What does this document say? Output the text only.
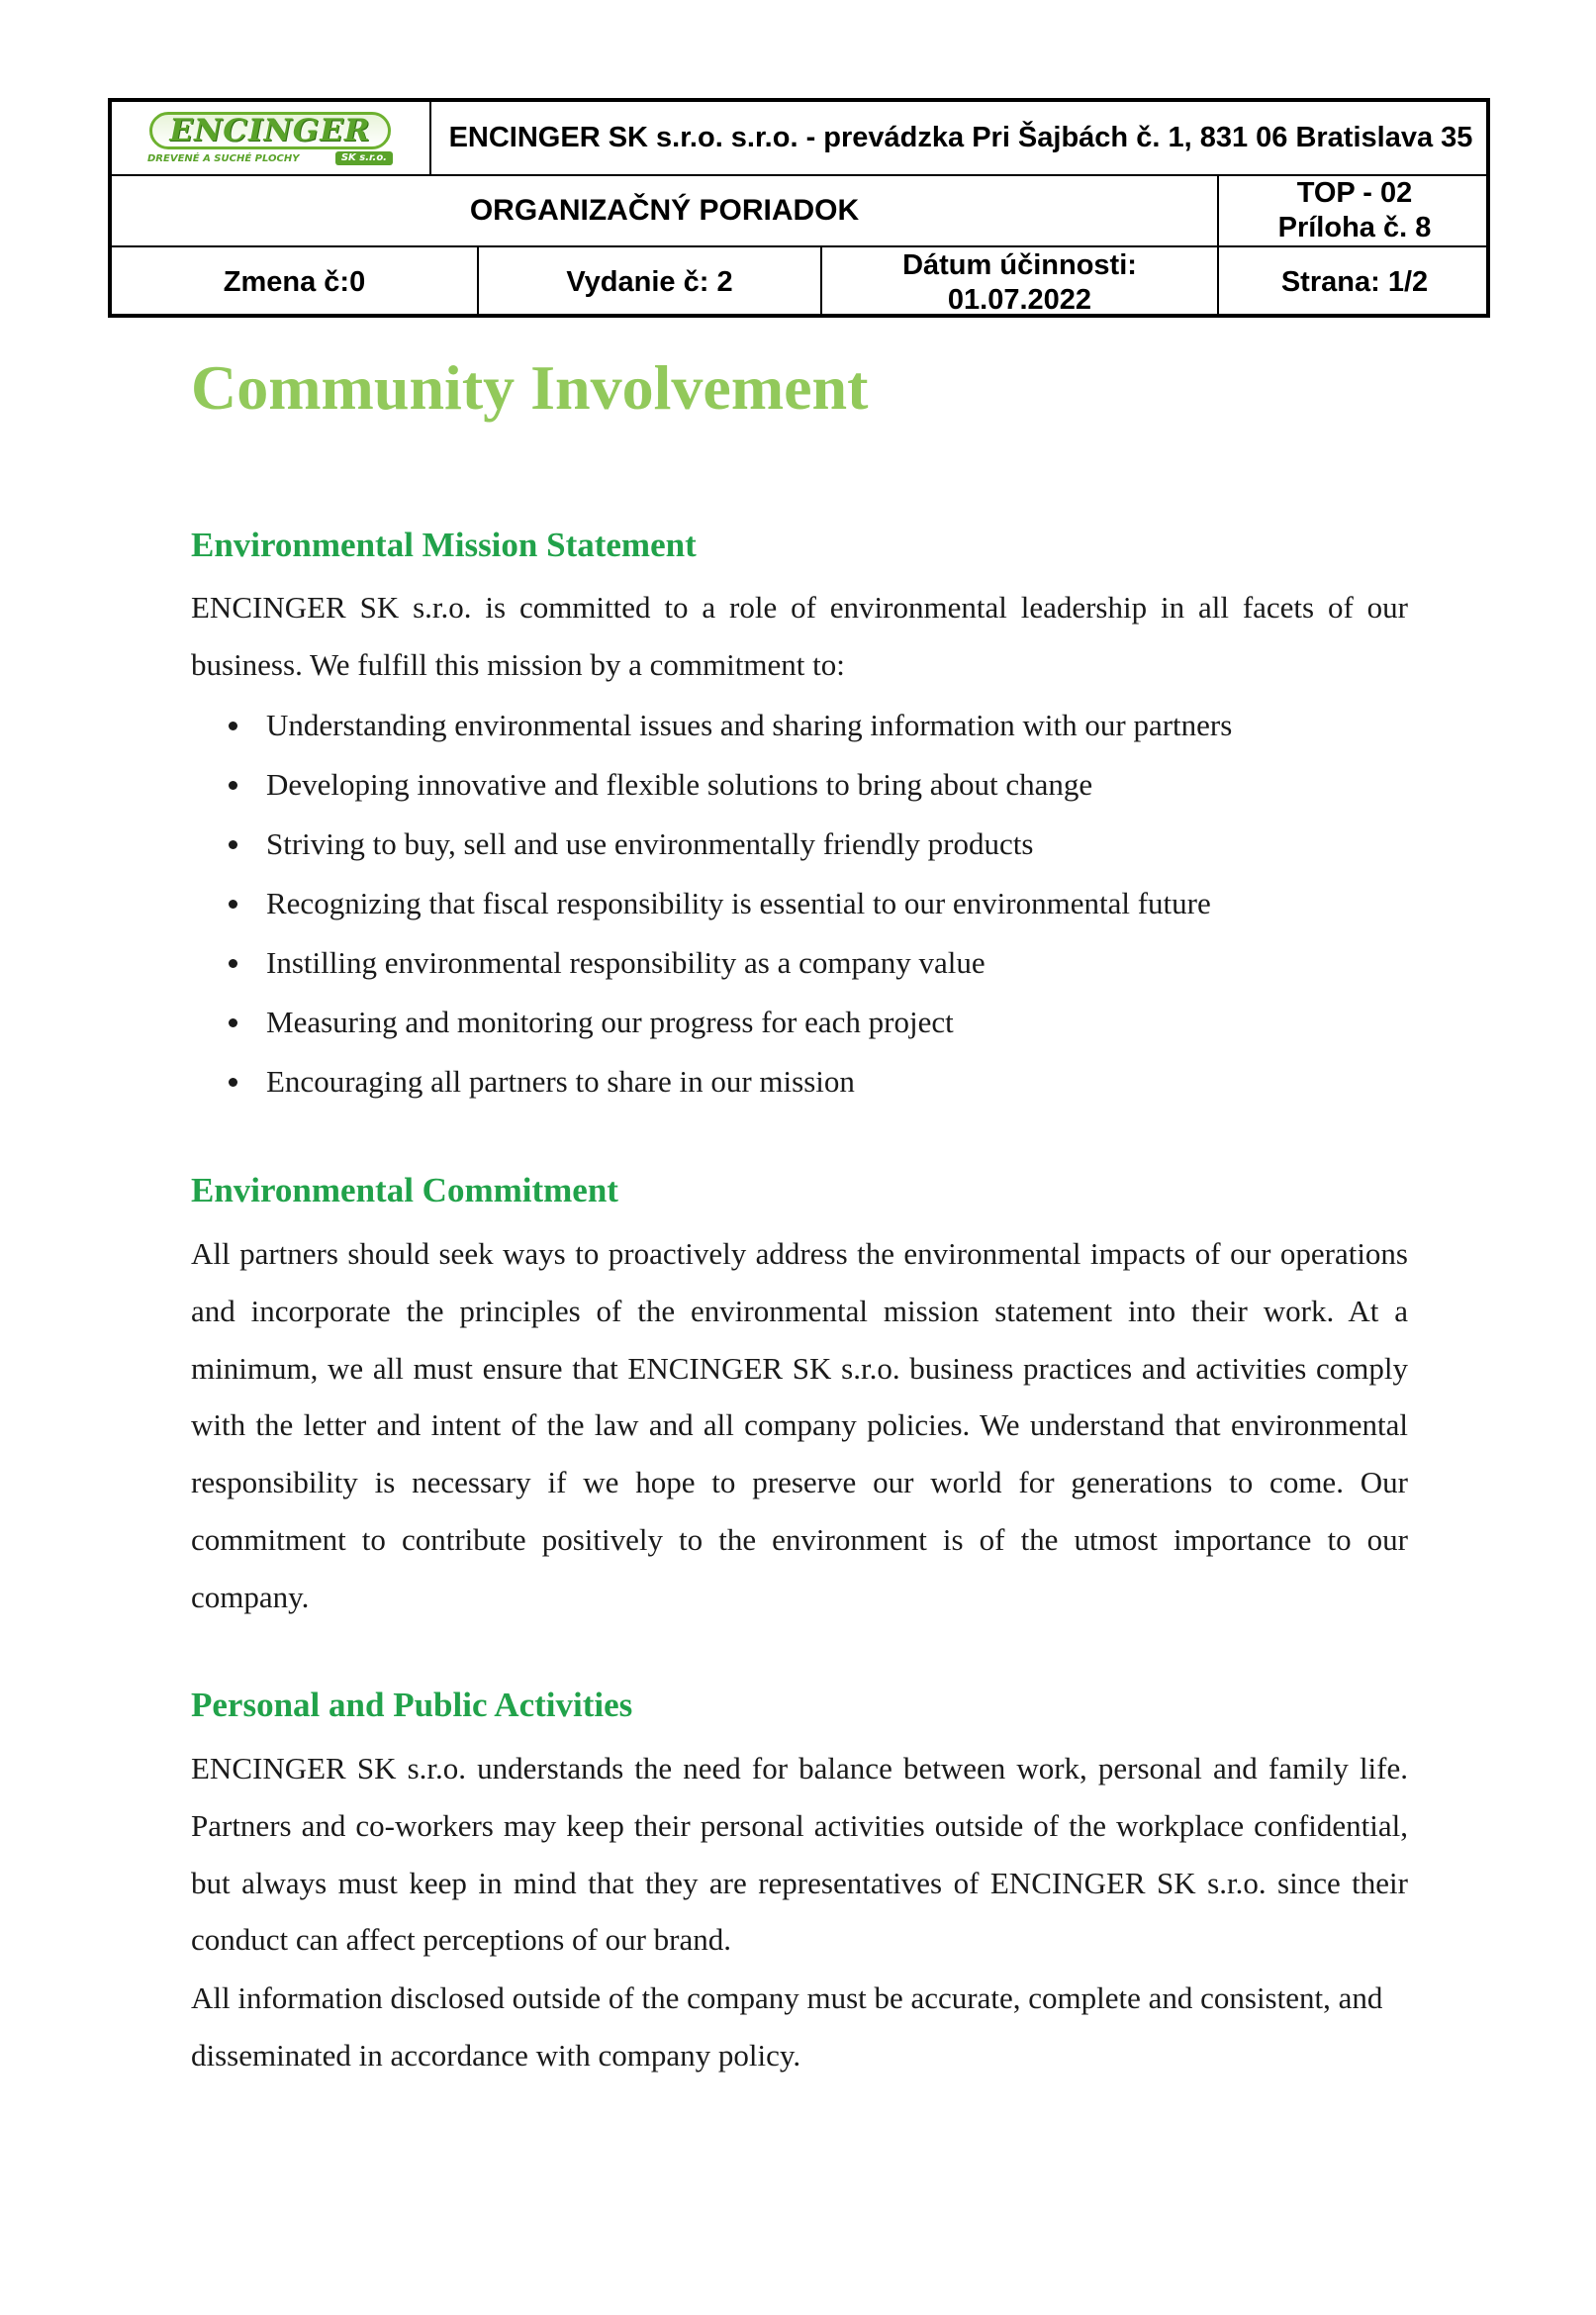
ENCINGER
DREVENÉ A SUCHÉ PLOCHY	SK s.r.o.
ENCINGER SK s.r.o. s.r.o. - prevádzka Pri Šajbách č. 1, 831 06 Bratislava 35
ORGANIZAČNÝ PORIADOK
TOP - 02
Príloha č. 8
Zmena č:0	Vydanie č: 2
Dátum účinnosti:
01.07.2022
Strana: 1/2
Community Involvement
Environmental Mission Statement

ENCINGER SK s.r.o. is committed to a role of environmental leadership in all facets of our business. We fulfill this mission by a commitment to:

Understanding environmental issues and sharing information with our partners
Developing innovative and flexible solutions to bring about change
Striving to buy, sell and use environmentally friendly products
Recognizing that fiscal responsibility is essential to our environmental future
Instilling environmental responsibility as a company value
Measuring and monitoring our progress for each project
Encouraging all partners to share in our mission
Environmental Commitment

All partners should seek ways to proactively address the environmental impacts of our operations and incorporate the principles of the environmental mission statement into their work. At a minimum, we all must ensure that ENCINGER SK s.r.o. business practices and activities comply with the letter and intent of the law and all company policies. We understand that environmental responsibility is necessary if we hope to preserve our world for generations to come. Our commitment to contribute positively to the environment is of the utmost importance to our company.

Personal and Public Activities

ENCINGER SK s.r.o. understands the need for balance between work, personal and family life. Partners and co-workers may keep their personal activities outside of the workplace confidential, but always must keep in mind that they are representatives of ENCINGER SK s.r.o. since their conduct can affect perceptions of our brand.

All information disclosed outside of the company must be accurate, complete and consistent, and disseminated in accordance with company policy.
